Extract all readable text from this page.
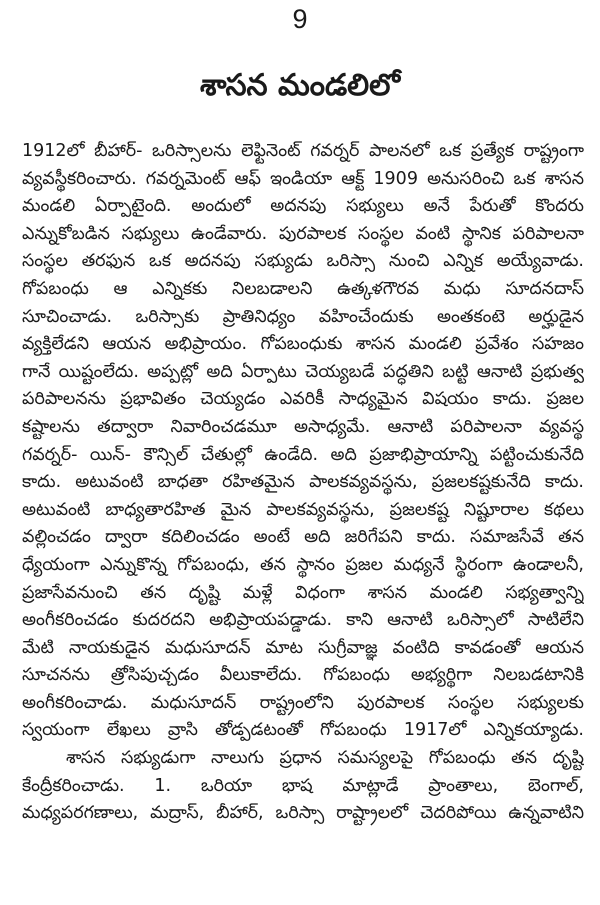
9
శాసన మండలిలో
1912లో బీహార్- ఒరిస్సాలను లెఫ్టినెంట్ గవర్నర్ పాలనలో ఒక ప్రత్యేక రాష్ట్రంగా
వ్యవస్థీకరించారు. గవర్నమెంట్ ఆఫ్ ఇండియా ఆక్ట్ 1909 అనుసరించి ఒక శాసన
మండలి ఏర్పాటైంది. అందులో అదనపు సభ్యులు అనే పేరుతో కొందరు
ఎన్నుకోబడిన సభ్యులు ఉండేవారు. పురపాలక సంస్థల వంటి స్థానిక పరిపాలనా
సంస్థల తరఫున ఒక అదనపు సభ్యుడు ఒరిస్సా నుంచి ఎన్నిక అయ్యేవాడు.
గోపబంధు ఆ ఎన్నికకు నిలబడాలని ఉత్కళగౌరవ మధు సూదనదాస్
సూచించాడు. ఒరిస్సాకు ప్రాతినిధ్యం వహించేందుకు అంతకంటె అర్హుడైన
వ్యక్తిలేడని ఆయన అభిప్రాయం. గోపబంధుకు శాసన మండలి ప్రవేశం సహజం
గానే యిష్టంలేదు. అప్పట్లో అది ఏర్పాటు చెయ్యబడే పద్ధతిని బట్టి ఆనాటి ప్రభుత్వ
పరిపాలనను ప్రభావితం చెయ్యడం ఎవరికీ సాధ్యమైన విషయం కాదు. ప్రజల
కష్టాలను తద్వారా నివారించడమూ అసాధ్యమే. ఆనాటి పరిపాలనా వ్యవస్థ
గవర్నర్- యిన్- కౌన్సిల్ చేతుల్లో ఉండేది. అది ప్రజాభిప్రాయాన్ని పట్టించుకునేది
కాదు. అటువంటి బాధతా రహితమైన పాలకవ్యవస్థను, ప్రజలకష్టకునేది కాదు.
అటువంటి బాధ్యతారహిత మైన పాలకవ్యవస్థను, ప్రజలకష్ట నిష్టూరాల కథలు
వల్లించడం ద్వారా కదిలించడం అంటే అది జరిగేపని కాదు. సమాజసేవే తన
ధ్యేయంగా ఎన్నుకొన్న గోపబంధు, తన స్థానం ప్రజల మధ్యనే స్థిరంగా ఉండాలనీ,
ప్రజాసేవనుంచి తన దృష్టి మళ్లే విధంగా శాసన మండలి సభ్యత్వాన్ని
అంగీకరించడం కుదరదని అభిప్రాయపడ్డాడు. కాని ఆనాటి ఒరిస్సాలో సాటిలేని
మేటి నాయకుడైన మధుసూదన్ మాట సుగ్రీవాజ్ఞ వంటిది కావడంతో ఆయన
సూచనను త్రోసిపుచ్చడం వీలుకాలేదు. గోపబంధు అభ్యర్థిగా నిలబడటానికి
అంగీకరించాడు. మధుసూదన్ రాష్ట్రంలోని పురపాలక సంస్థల సభ్యులకు
స్వయంగా లేఖలు వ్రాసి తోడ్పడటంతో గోపబంధు 1917లో ఎన్నికయ్యాడు.
శాసన సభ్యుడుగా నాలుగు ప్రధాన సమస్యలపై గోపబంధు తన దృష్టి
కేంద్రీకరించాడు. 1. ఒరియా భాష మాట్లాడే ప్రాంతాలు, బెంగాల్,
మధ్యపరగణాలు, మద్రాస్, బీహార్, ఒరిస్సా రాష్ట్రాలలో చెదరిపోయి ఉన్నవాటిని
